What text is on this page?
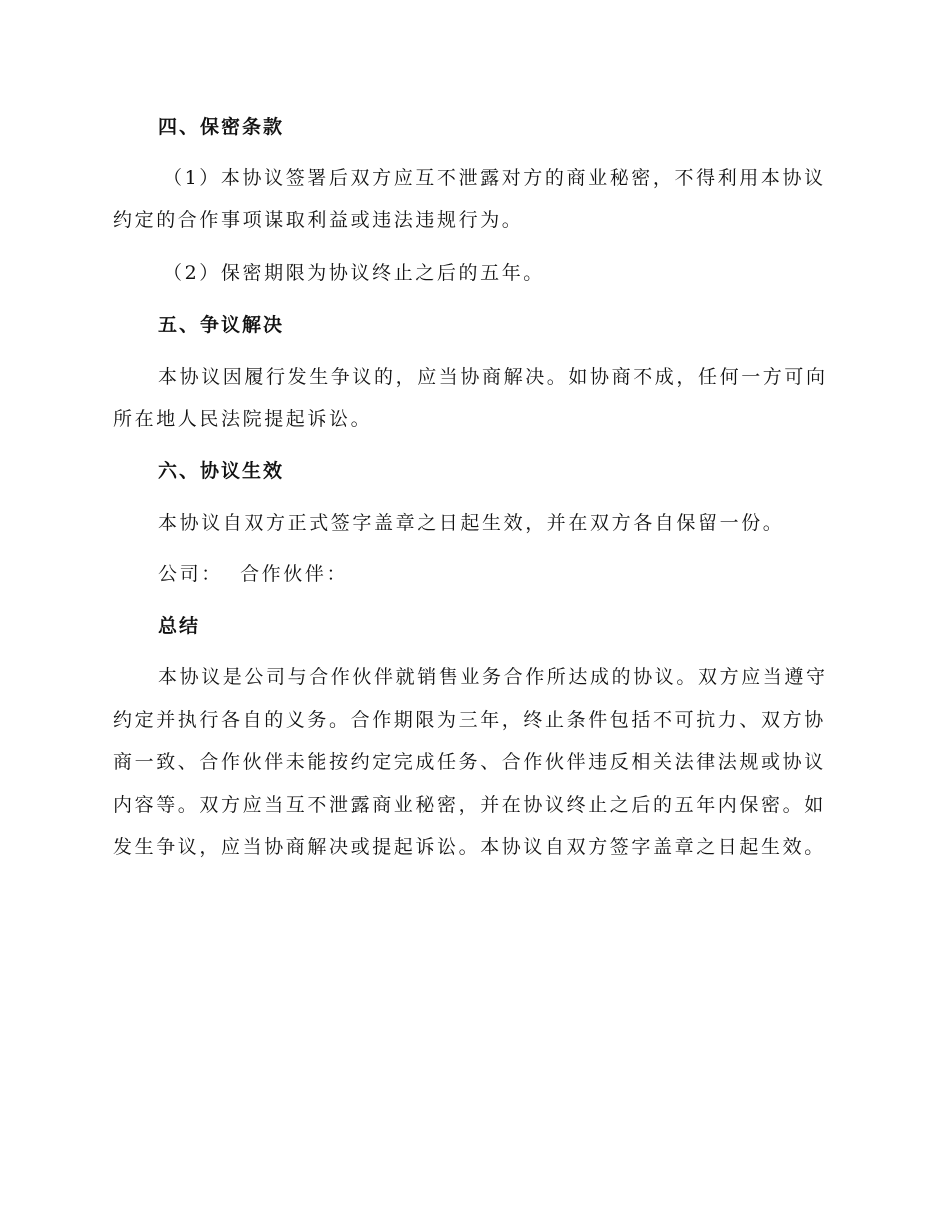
四、保密条款
（1）本协议签署后双方应互不泄露对方的商业秘密，不得利用本协议
约定的合作事项谋取利益或违法违规行为。
（2）保密期限为协议终止之后的五年。
五、争议解决
本协议因履行发生争议的，应当协商解决。如协商不成，任何一方可向
所在地人民法院提起诉讼。
六、协议生效
本协议自双方正式签字盖章之日起生效，并在双方各自保留一份。
公司：  合作伙伴：
总结
本协议是公司与合作伙伴就销售业务合作所达成的协议。双方应当遵守
约定并执行各自的义务。合作期限为三年，终止条件包括不可抗力、双方协
商一致、合作伙伴未能按约定完成任务、合作伙伴违反相关法律法规或协议
内容等。双方应当互不泄露商业秘密，并在协议终止之后的五年内保密。如
发生争议，应当协商解决或提起诉讼。本协议自双方签字盖章之日起生效。
